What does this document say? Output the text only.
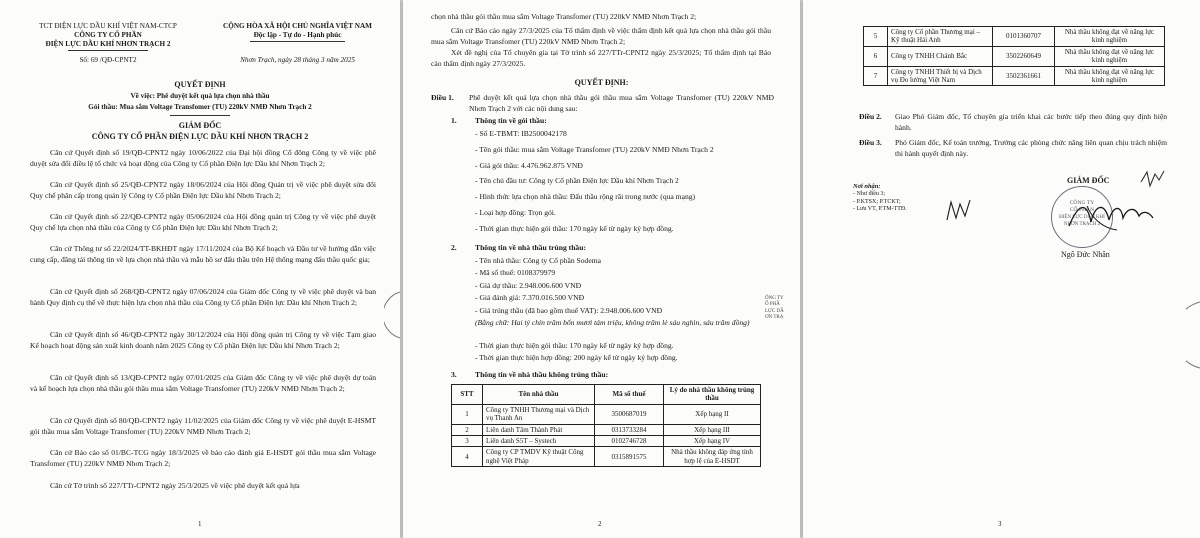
TCT ĐIỆN LỰC DẦU KHÍ VIỆT NAM-CTCP
CÔNG TY CỔ PHẦN
ĐIỆN LỰC DẦU KHÍ NHƠN TRẠCH 2
Số: 69 /QĐ-CPNT2
CỘNG HÒA XÃ HỘI CHỦ NGHĨA VIỆT NAM
Độc lập - Tự do - Hạnh phúc
Nhơn Trạch, ngày 28 tháng 3 năm 2025
QUYẾT ĐỊNH
Về việc: Phê duyệt kết quả lựa chọn nhà thầu
Gói thầu: Mua sắm Voltage Transfomer (TU) 220kV NMĐ Nhơn Trạch 2
GIÁM ĐỐC
CÔNG TY CỔ PHẦN ĐIỆN LỰC DẦU KHÍ NHƠN TRẠCH 2
Căn cứ Quyết định số 19/QĐ-CPNT2 ngày 10/06/2022 của Đại hội đồng Cổ đông Công ty về việc phê duyệt sửa đổi điều lệ tổ chức và hoạt động của Công ty Cổ phần Điện lực Dầu khí Nhơn Trạch 2;
Căn cứ Quyết định số 25/QĐ-CPNT2 ngày 18/06/2024 của Hội đồng Quản trị về việc phê duyệt sửa đổi Quy chế phân cấp trong quản lý Công ty Cổ phần Điện lực Dầu khí Nhơn Trạch 2;
Căn cứ Quyết định số 22/QĐ-CPNT2 ngày 05/06/2024 của Hội đồng quản trị Công ty về việc phê duyệt Quy chế lựa chọn nhà thầu của Công ty Cổ phần Điện lực Dầu khí Nhơn Trạch 2;
Căn cứ Thông tư số 22/2024/TT-BKHĐT ngày 17/11/2024 của Bộ Kế hoạch và Đầu tư về hướng dẫn việc cung cấp, đăng tải thông tin về lựa chọn nhà thầu và mẫu hồ sơ đấu thầu trên Hệ thống mạng đấu thầu quốc gia;
Căn cứ Quyết định số 268/QĐ-CPNT2 ngày 07/06/2024 của Giám đốc Công ty về việc phê duyệt và ban hành Quy định cụ thể về thực hiện lựa chọn nhà thầu của Công ty Cổ phần Điện lực Dầu khí Nhơn Trạch 2;
Căn cứ Quyết định số 46/QĐ-CPNT2 ngày 30/12/2024 của Hội đồng quản trị Công ty về việc Tạm giao Kế hoạch hoạt động sản xuất kinh doanh năm 2025 Công ty Cổ phần Điện lực Dầu khí Nhơn Trạch 2;
Căn cứ Quyết định số 13/QĐ-CPNT2 ngày 07/01/2025 của Giám đốc Công ty về việc phê duyệt dự toán và kế hoạch lựa chọn nhà thầu gói thầu mua sắm Voltage Transfomer (TU) 220kV NMĐ Nhơn Trạch 2;
Căn cứ Quyết định số 80/QĐ-CPNT2 ngày 11/02/2025 của Giám đốc Công ty về việc phê duyệt E-HSMT gói thầu mua sắm Voltage Transfomer (TU) 220kV NMĐ Nhơn Trạch 2;
Căn cứ Báo cáo số 01/BC-TCG ngày 18/3/2025 về báo cáo đánh giá E-HSDT gói thầu mua sắm Voltage Transfomer (TU) 220kV NMĐ Nhơn Trạch 2;
Căn cứ Tờ trình số 227/TTr-CPNT2 ngày 25/3/2025 về việc phê duyệt kết quả lựa
1
chọn nhà thầu gói thầu mua sắm Voltage Transfomer (TU) 220kV NMĐ Nhơn Trạch 2;
Căn cứ Báo cáo ngày 27/3/2025 của Tổ thẩm định về việc thẩm định kết quả lựa chọn nhà thầu gói thầu mua sắm Voltage Transfomer (TU) 220kV NMĐ Nhơn Trạch 2;
Xét đề nghị của Tổ chuyên gia tại Tờ trình số 227/TTr-CPNT2 ngày 25/3/2025; Tổ thẩm định tại Báo cáo thẩm định ngày 27/3/2025.
QUYẾT ĐỊNH:
Điều 1. Phê duyệt kết quả lựa chọn nhà thầu gói thầu mua sắm Voltage Transfomer (TU) 220kV NMĐ Nhơn Trạch 2 với các nội dung sau:
1. Thông tin về gói thầu:
- Số E-TBMT: IB2500042178
- Tên gói thầu: mua sắm Voltage Transfomer (TU) 220kV NMĐ Nhơn Trạch 2
- Giá gói thầu: 4.476.962.875 VNĐ
- Tên chủ đầu tư: Công ty Cổ phần Điện lực Dầu khí Nhơn Trạch 2
- Hình thức lựa chọn nhà thầu: Đấu thầu rộng rãi trong nước (qua mạng)
- Loại hợp đồng: Trọn gói.
- Thời gian thực hiện gói thầu: 170 ngày kể từ ngày ký hợp đồng.
2. Thông tin về nhà thầu trúng thầu:
- Tên nhà thầu: Công ty Cổ phần Sodema
- Mã số thuế: 0108379979
- Giá dự thầu: 2.948.006.600 VNĐ
- Giá đánh giá: 7.370.016.500 VNĐ
- Giá trúng thầu (đã bao gồm thuế VAT): 2.948.006.600 VNĐ
(Bằng chữ: Hai tỷ chín trăm bốn mươi tám triệu, không trăm lẻ sáu nghìn, sáu trăm đồng)
- Thời gian thực hiện gói thầu: 170 ngày kể từ ngày ký hợp đồng.
- Thời gian thực hiện hợp đồng: 200 ngày kể từ ngày ký hợp đồng.
3. Thông tin về nhà thầu không trúng thầu:
STT	Tên nhà thầu	Mã số thuế	Lý do nhà thầu không trúng thầu
1	Công ty TNHH Thương mại và Dịch vụ Thanh An	3500687019	Xếp hạng II
2	Liên danh Tâm Thành Phát	0313733284	Xếp hạng III
3	Liên danh S5T – Systech	0102746728	Xếp hạng IV
4	Công ty CP TMDV Kỹ thuật Công nghệ Việt Pháp	0315891575	Nhà thầu không đáp ứng tính hợp lệ của E-HSDT
ÔNG TY
Ổ PHẦ
LỰC DẦ
ƠN TRẠ
2
5	Công ty Cổ phần Thương mại – Kỹ thuật Hải Anh	0101360707	Nhà thầu không đạt về năng lực kinh nghiệm
6	Công ty TNHH Chánh Bắc	3502260649	Nhà thầu không đạt về năng lực kinh nghiệm
7	Công ty TNHH Thiết bị và Dịch vụ Đo lường Việt Nam	3502361661	Nhà thầu không đạt về năng lực kinh nghiệm
Điều 2. Giao Phó Giám đốc, Tổ chuyên gia triển khai các bước tiếp theo đúng quy định hiện hành.
Điều 3. Phó Giám đốc, Kế toán trưởng, Trưởng các phòng chức năng liên quan chịu trách nhiệm thi hành quyết định này.
Nơi nhận:
- Như điều 3;
- P.KTSX; P.TCKT;
- Lưu VT, P.TM-TTĐ.
GIÁM ĐỐC
CÔNG TY
CỔ PHẦN
ĐIỆN LỰC DẦU KHÍ
NHƠN TRẠCH 2
Ngô Đức Nhân
3
